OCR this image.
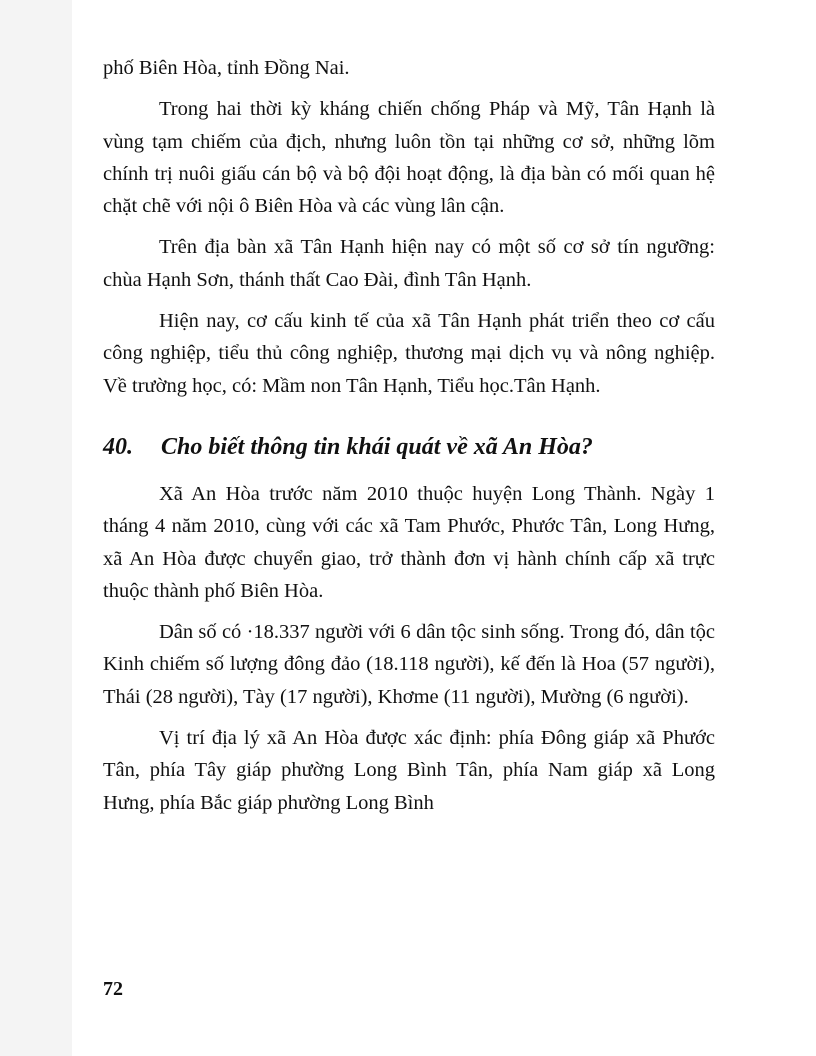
phố Biên Hòa, tỉnh Đồng Nai.

Trong hai thời kỳ kháng chiến chống Pháp và Mỹ, Tân Hạnh là vùng tạm chiếm của địch, nhưng luôn tồn tại những cơ sở, những lõm chính trị nuôi giấu cán bộ và bộ đội hoạt động, là địa bàn có mối quan hệ chặt chẽ với nội ô Biên Hòa và các vùng lân cận.

Trên địa bàn xã Tân Hạnh hiện nay có một số cơ sở tín ngưỡng: chùa Hạnh Sơn, thánh thất Cao Đài, đình Tân Hạnh.

Hiện nay, cơ cấu kinh tế của xã Tân Hạnh phát triển theo cơ cấu công nghiệp, tiểu thủ công nghiệp, thương mại dịch vụ và nông nghiệp. Về trường học, có: Mầm non Tân Hạnh, Tiểu học.Tân Hạnh.

40.	Cho biết thông tin khái quát về xã An Hòa?

Xã An Hòa trước năm 2010 thuộc huyện Long Thành. Ngày 1 tháng 4 năm 2010, cùng với các xã Tam Phước, Phước Tân, Long Hưng, xã An Hòa được chuyển giao, trở thành đơn vị hành chính cấp xã trực thuộc thành phố Biên Hòa.

Dân số có ·18.337 người với 6 dân tộc sinh sống. Trong đó, dân tộc Kinh chiếm số lượng đông đảo (18.118 người), kế đến là Hoa (57 người), Thái (28 người), Tày (17 người), Khơme (11 người), Mường (6 người).

Vị trí địa lý xã An Hòa được xác định: phía Đông giáp xã Phước Tân, phía Tây giáp phường Long Bình Tân, phía Nam giáp xã Long Hưng, phía Bắc giáp phường Long Bình

72
